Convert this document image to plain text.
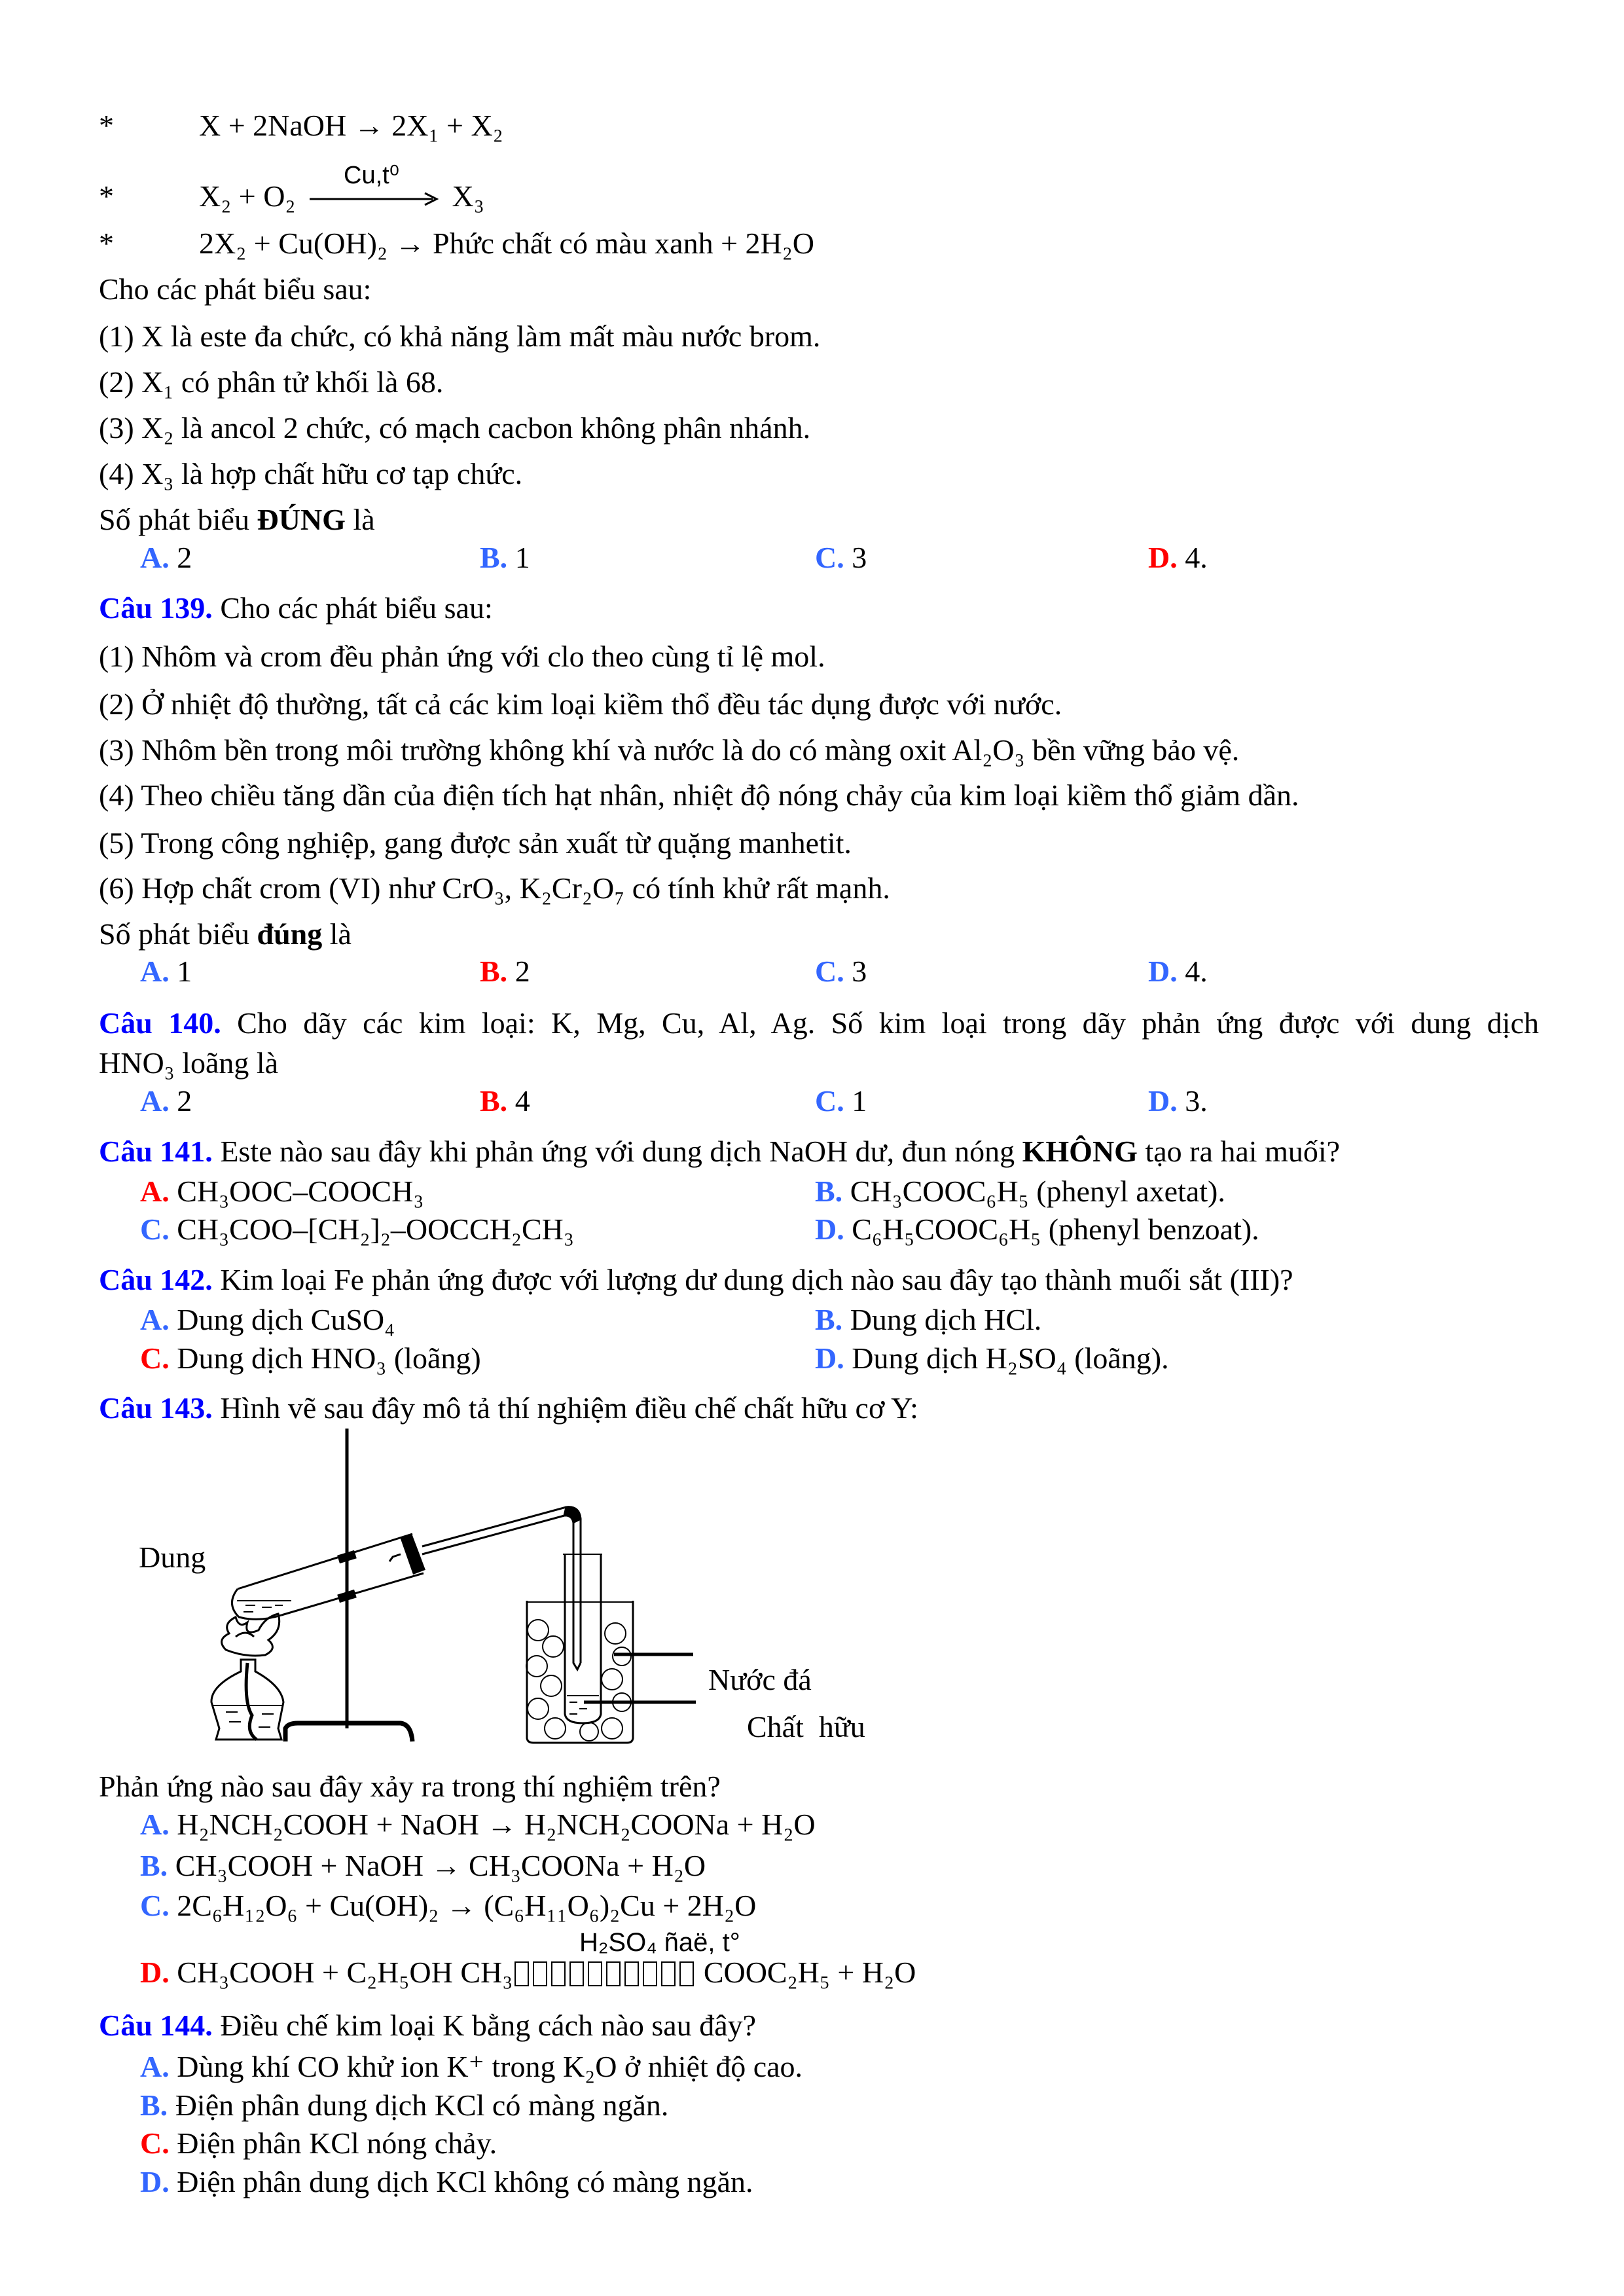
*	X + 2NaOH → 2X₁ + X₂
*	X₂ + O₂	X₃
Cu,t⁰
*	2X₂ + Cu(OH)₂ → Phức chất có màu xanh + 2H₂O
Cho các phát biểu sau:
(1) X là este đa chức, có khả năng làm mất màu nước brom.
(2) X₁ có phân tử khối là 68.
(3) X₂ là ancol 2 chức, có mạch cacbon không phân nhánh.
(4) X₃ là hợp chất hữu cơ tạp chức.
Số phát biểu ĐÚNG là
A. 2	B. 1	C. 3	D. 4.
Câu 139. Cho các phát biểu sau:
(1) Nhôm và crom đều phản ứng với clo theo cùng tỉ lệ mol.
(2) Ở nhiệt độ thường, tất cả các kim loại kiềm thổ đều tác dụng được với nước.
(3) Nhôm bền trong môi trường không khí và nước là do có màng oxit Al₂O₃ bền vững bảo vệ.
(4) Theo chiều tăng dần của điện tích hạt nhân, nhiệt độ nóng chảy của kim loại kiềm thổ giảm dần.
(5) Trong công nghiệp, gang được sản xuất từ quặng manhetit.
(6) Hợp chất crom (VI) như CrO₃, K₂Cr₂O₇ có tính khử rất mạnh.
Số phát biểu đúng là
A. 1	B. 2	C. 3	D. 4.
Câu 140. Cho dãy các kim loại: K, Mg, Cu, Al, Ag. Số kim loại trong dãy phản ứng được với dung dịch
HNO₃ loãng là
A. 2	B. 4	C. 1	D. 3.
Câu 141. Este nào sau đây khi phản ứng với dung dịch NaOH dư, đun nóng KHÔNG tạo ra hai muối?
A. CH₃OOC–COOCH₃	B. CH₃COOC₆H₅ (phenyl axetat).
C. CH₃COO–[CH₂]₂–OOCCH₂CH₃	D. C₆H₅COOC₆H₅ (phenyl benzoat).
Câu 142. Kim loại Fe phản ứng được với lượng dư dung dịch nào sau đây tạo thành muối sắt (III)?
A. Dung dịch CuSO₄	B. Dung dịch HCl.
C. Dung dịch HNO₃ (loãng)	D. Dung dịch H₂SO₄ (loãng).
Câu 143. Hình vẽ sau đây mô tả thí nghiệm điều chế chất hữu cơ Y:
Dung
Nước đá
Chất  hữu
Phản ứng nào sau đây xảy ra trong thí nghiệm trên?
A. H₂NCH₂COOH + NaOH → H₂NCH₂COONa + H₂O
B. CH₃COOH + NaOH → CH₃COONa + H₂O
C. 2C₆H₁₂O₆ + Cu(OH)₂ → (C₆H₁₁O₆)₂Cu + 2H₂O
D. CH₃COOH + C₂H₅OH CH₃	COOC₂H₅ + H₂O
H₂SO₄ ñaë, t°
Câu 144. Điều chế kim loại K bằng cách nào sau đây?
A. Dùng khí CO khử ion K⁺ trong K₂O ở nhiệt độ cao.
B. Điện phân dung dịch KCl có màng ngăn.
C. Điện phân KCl nóng chảy.
D. Điện phân dung dịch KCl không có màng ngăn.
